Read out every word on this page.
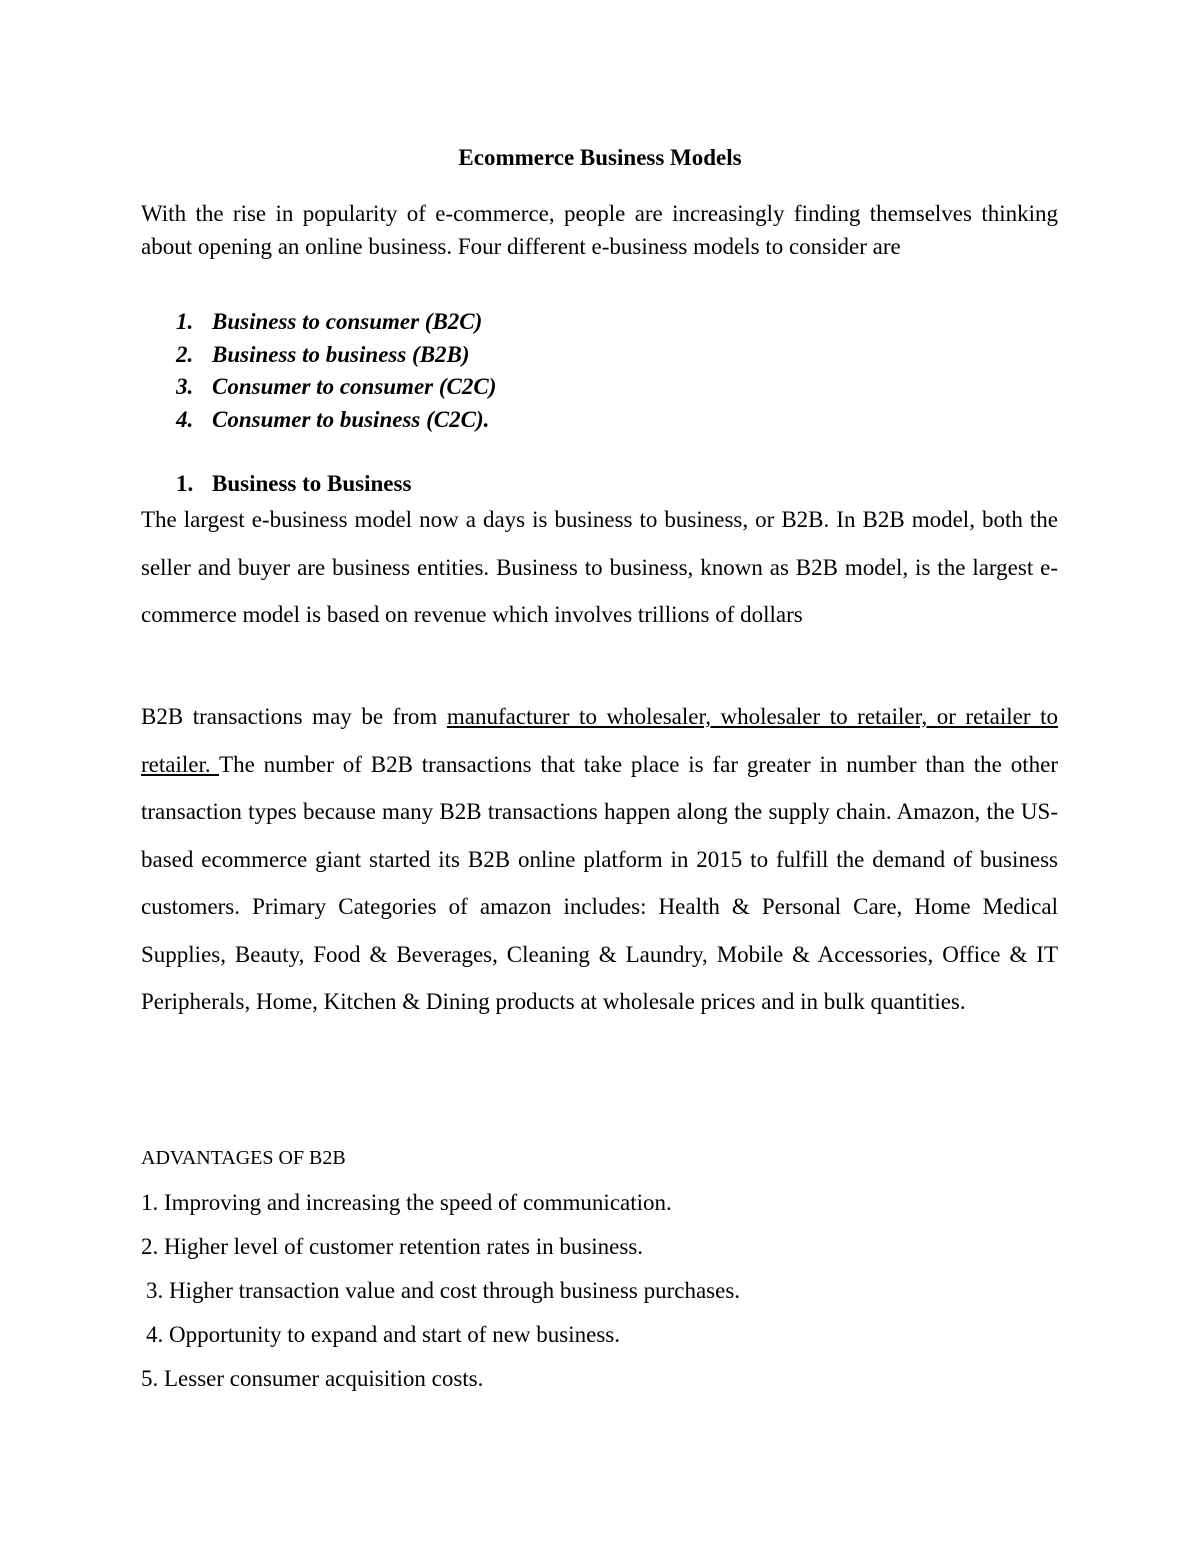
Ecommerce Business Models
With the rise in popularity of e-commerce, people are increasingly finding themselves thinking about opening an online business. Four different e-business models to consider are
1. Business to consumer (B2C)
2. Business to business (B2B)
3. Consumer to consumer (C2C)
4. Consumer to business (C2C).
1. Business to Business

The largest e-business model now a days is business to business, or B2B. In B2B model, both the seller and buyer are business entities. Business to business, known as B2B model, is the largest e-commerce model is based on revenue which involves trillions of dollars

B2B transactions may be from manufacturer to wholesaler, wholesaler to retailer, or retailer to retailer. The number of B2B transactions that take place is far greater in number than the other transaction types because many B2B transactions happen along the supply chain. Amazon, the US-based ecommerce giant started its B2B online platform in 2015 to fulfill the demand of business customers. Primary Categories of amazon includes: Health & Personal Care, Home Medical Supplies, Beauty, Food & Beverages, Cleaning & Laundry, Mobile & Accessories, Office & IT Peripherals, Home, Kitchen & Dining products at wholesale prices and in bulk quantities.

ADVANTAGES OF B2B
1. Improving and increasing the speed of communication.
2. Higher level of customer retention rates in business.
3. Higher transaction value and cost through business purchases.
4. Opportunity to expand and start of new business.
5. Lesser consumer acquisition costs.
